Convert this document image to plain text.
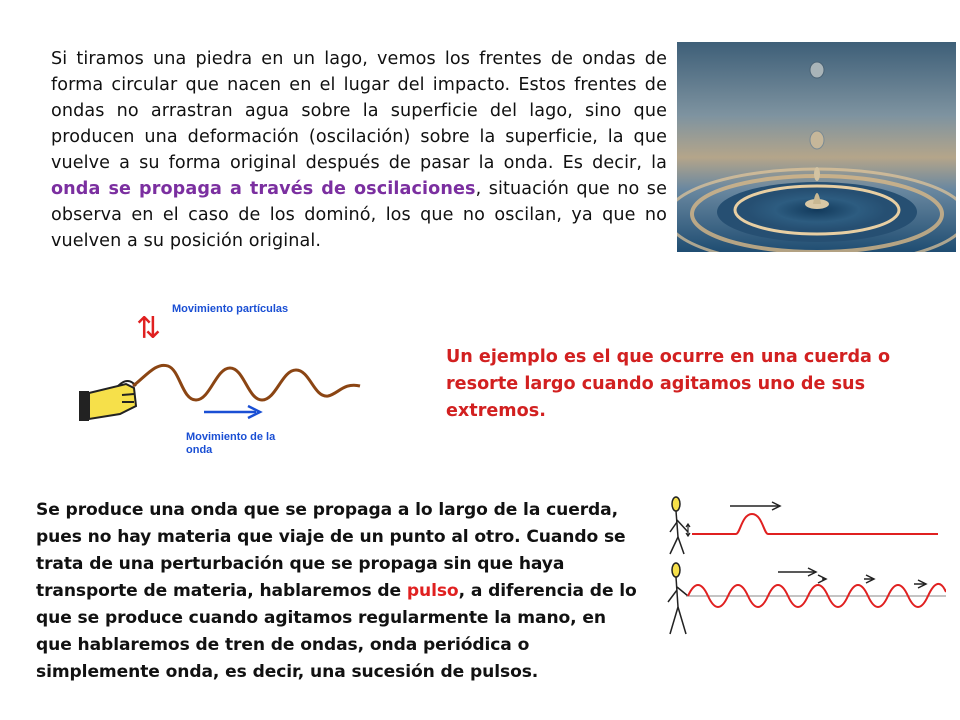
Si tiramos una piedra en un lago, vemos los frentes de ondas de forma circular que nacen en el lugar del impacto. Estos frentes de ondas no arrastran agua sobre la superficie del lago, sino que producen una deformación (oscilación) sobre la superficie, la que vuelve a su forma original después de pasar la onda. Es decir, la onda se propaga a través de oscilaciones, situación que no se observa en el caso de los dominó, los que no oscilan, ya que no vuelven a su posición original.
⇅
Movimiento partículas
Movimiento de la
onda
Un ejemplo es el que ocurre en una cuerda o resorte largo cuando agitamos uno de sus extremos.
Se produce una onda que se propaga a lo largo de la cuerda, pues no hay materia que viaje de un punto al otro. Cuando se trata de una perturbación que se propaga sin que haya transporte de materia, hablaremos de pulso, a diferencia de lo que se produce cuando agitamos regularmente la mano, en que hablaremos de tren de ondas, onda periódica o simplemente onda, es decir, una sucesión de pulsos.
